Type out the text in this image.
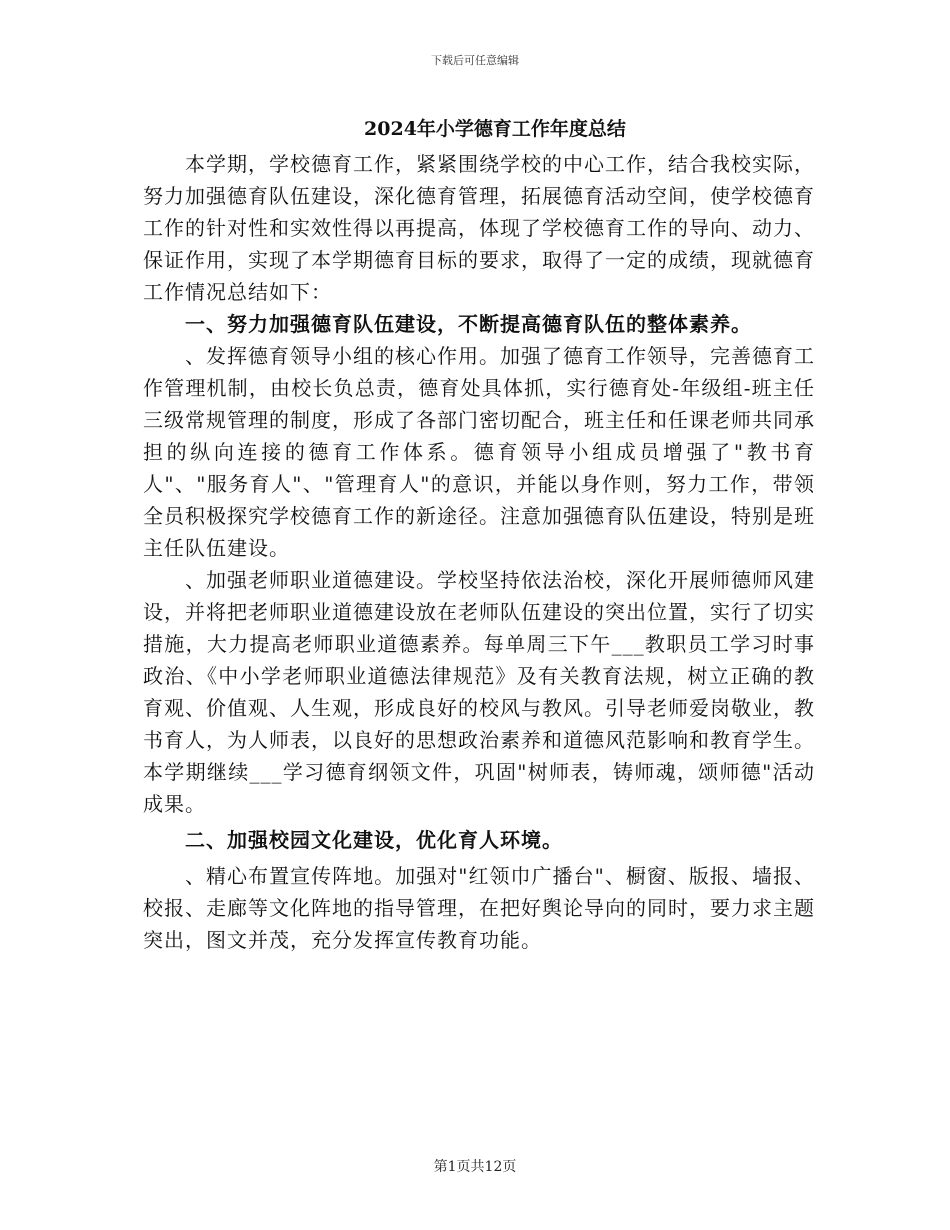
下载后可任意编辑
2024年小学德育工作年度总结

本学期，学校德育工作，紧紧围绕学校的中心工作，结合我校实际，努力加强德育队伍建设，深化德育管理，拓展德育活动空间，使学校德育工作的针对性和实效性得以再提高，体现了学校德育工作的导向、动力、保证作用，实现了本学期德育目标的要求，取得了一定的成绩，现就德育工作情况总结如下：

一、努力加强德育队伍建设，不断提高德育队伍的整体素养。

、发挥德育领导小组的核心作用。加强了德育工作领导，完善德育工作管理机制，由校长负总责，德育处具体抓，实行德育处-年级组-班主任三级常规管理的制度，形成了各部门密切配合，班主任和任课老师共同承担的纵向连接的德育工作体系。德育领导小组成员增强了"教书育人"、"服务育人"、"管理育人"的意识，并能以身作则，努力工作，带领全员积极探究学校德育工作的新途径。注意加强德育队伍建设，特别是班主任队伍建设。

、加强老师职业道德建设。学校坚持依法治校，深化开展师德师风建设，并将把老师职业道德建设放在老师队伍建设的突出位置，实行了切实措施，大力提高老师职业道德素养。每单周三下午___教职员工学习时事政治、《中小学老师职业道德法律规范》及有关教育法规，树立正确的教育观、价值观、人生观，形成良好的校风与教风。引导老师爱岗敬业，教书育人，为人师表，以良好的思想政治素养和道德风范影响和教育学生。本学期继续___学习德育纲领文件，巩固"树师表，铸师魂，颂师德"活动成果。

二、加强校园文化建设，优化育人环境。

、精心布置宣传阵地。加强对"红领巾广播台"、橱窗、版报、墙报、校报、走廊等文化阵地的指导管理，在把好舆论导向的同时，要力求主题突出，图文并茂，充分发挥宣传教育功能。

第1页共12页
